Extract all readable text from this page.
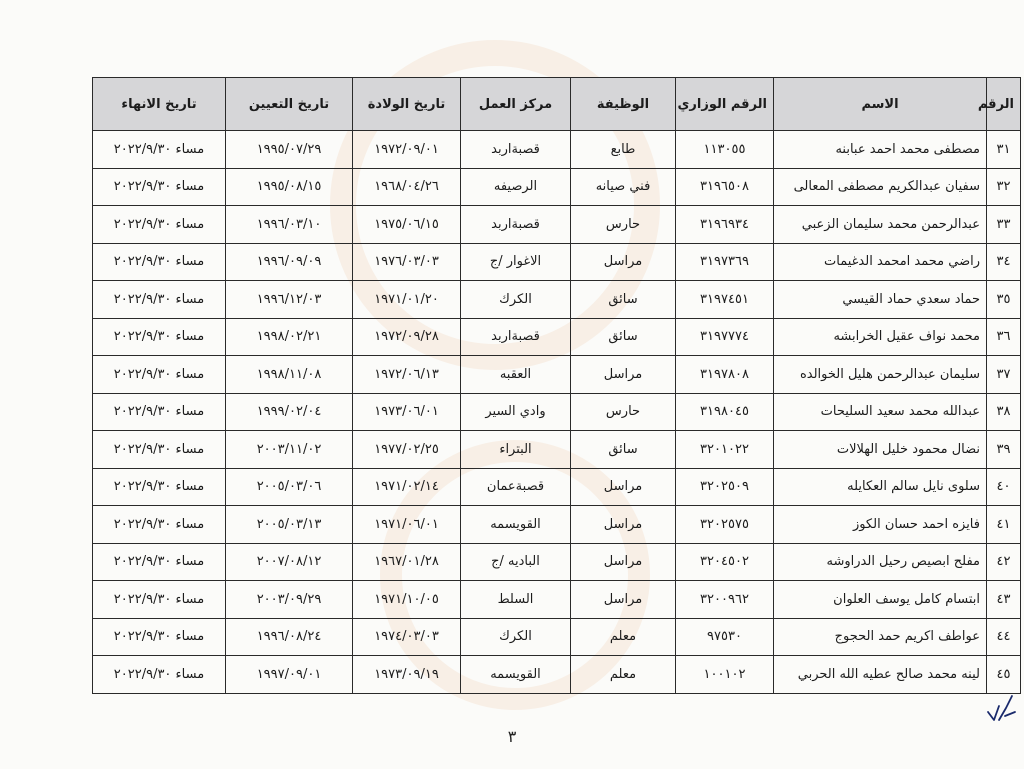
الرقم	الاسم	الرقم الوزاري	الوظيفة	مركز العمل	تاريخ الولادة	تاريخ التعيين	تاريخ الانهاء
٣١	مصطفى محمد احمد عبابنه	١١٣٠٥٥	طابع	قصبةاربد	١٩٧٢/٠٩/٠١	١٩٩٥/٠٧/٢٩	مساء ٢٠٢٢/٩/٣٠
٣٢	سفيان عبدالكريم مصطفى المعالى	٣١٩٦٥٠٨	فني صيانه	الرصيفه	١٩٦٨/٠٤/٢٦	١٩٩٥/٠٨/١٥	مساء ٢٠٢٢/٩/٣٠
٣٣	عبدالرحمن محمد سليمان الزعبي	٣١٩٦٩٣٤	حارس	قصبةاربد	١٩٧٥/٠٦/١٥	١٩٩٦/٠٣/١٠	مساء ٢٠٢٢/٩/٣٠
٣٤	راضي محمد امحمد الدغيمات	٣١٩٧٣٦٩	مراسل	الاغوار /ج	١٩٧٦/٠٣/٠٣	١٩٩٦/٠٩/٠٩	مساء ٢٠٢٢/٩/٣٠
٣٥	حماد سعدي حماد القيسي	٣١٩٧٤٥١	سائق	الكرك	١٩٧١/٠١/٢٠	١٩٩٦/١٢/٠٣	مساء ٢٠٢٢/٩/٣٠
٣٦	محمد نواف عقيل الخرابشه	٣١٩٧٧٧٤	سائق	قصبةاربد	١٩٧٢/٠٩/٢٨	١٩٩٨/٠٢/٢١	مساء ٢٠٢٢/٩/٣٠
٣٧	سليمان عبدالرحمن هليل الخوالده	٣١٩٧٨٠٨	مراسل	العقبه	١٩٧٢/٠٦/١٣	١٩٩٨/١١/٠٨	مساء ٢٠٢٢/٩/٣٠
٣٨	عبدالله محمد سعيد السليحات	٣١٩٨٠٤٥	حارس	وادي السير	١٩٧٣/٠٦/٠١	١٩٩٩/٠٢/٠٤	مساء ٢٠٢٢/٩/٣٠
٣٩	نضال محمود خليل الهلالات	٣٢٠١٠٢٢	سائق	البتراء	١٩٧٧/٠٢/٢٥	٢٠٠٣/١١/٠٢	مساء ٢٠٢٢/٩/٣٠
٤٠	سلوى نايل سالم العكايله	٣٢٠٢٥٠٩	مراسل	قصبةعمان	١٩٧١/٠٢/١٤	٢٠٠٥/٠٣/٠٦	مساء ٢٠٢٢/٩/٣٠
٤١	فايزه احمد حسان الكوز	٣٢٠٢٥٧٥	مراسل	القويسمه	١٩٧١/٠٦/٠١	٢٠٠٥/٠٣/١٣	مساء ٢٠٢٢/٩/٣٠
٤٢	مفلح ابصيص رحيل الدراوشه	٣٢٠٤٥٠٢	مراسل	الباديه /ج	١٩٦٧/٠١/٢٨	٢٠٠٧/٠٨/١٢	مساء ٢٠٢٢/٩/٣٠
٤٣	ابتسام كامل يوسف العلوان	٣٢٠٠٩٦٢	مراسل	السلط	١٩٧١/١٠/٠٥	٢٠٠٣/٠٩/٢٩	مساء ٢٠٢٢/٩/٣٠
٤٤	عواطف اكريم حمد الحجوج	٩٧٥٣٠	معلم	الكرك	١٩٧٤/٠٣/٠٣	١٩٩٦/٠٨/٢٤	مساء ٢٠٢٢/٩/٣٠
٤٥	لينه محمد صالح عطيه الله الحربي	١٠٠١٠٢	معلم	القويسمه	١٩٧٣/٠٩/١٩	١٩٩٧/٠٩/٠١	مساء ٢٠٢٢/٩/٣٠
٣
